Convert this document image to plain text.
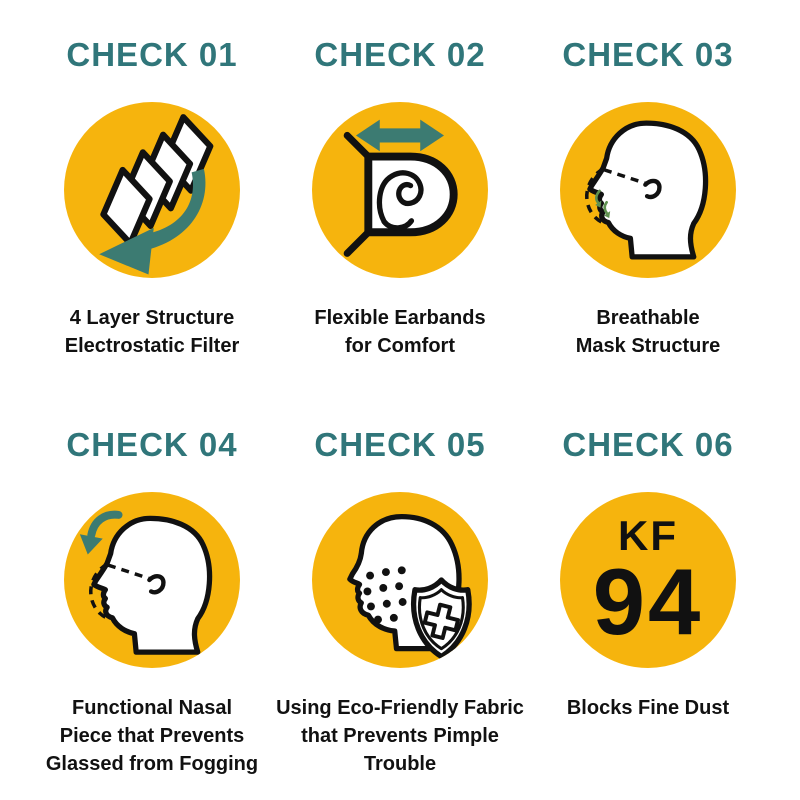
CHECK 01

4 Layer Structure
Electrostatic Filter

CHECK 02

Flexible Earbands
for Comfort

CHECK 03

Breathable
Mask Structure

CHECK 04

Functional Nasal
Piece that Prevents
Glassed from Fogging

CHECK 05

Using Eco-Friendly Fabric
that Prevents Pimple Trouble

CHECK 06
KF
94

Blocks Fine Dust
